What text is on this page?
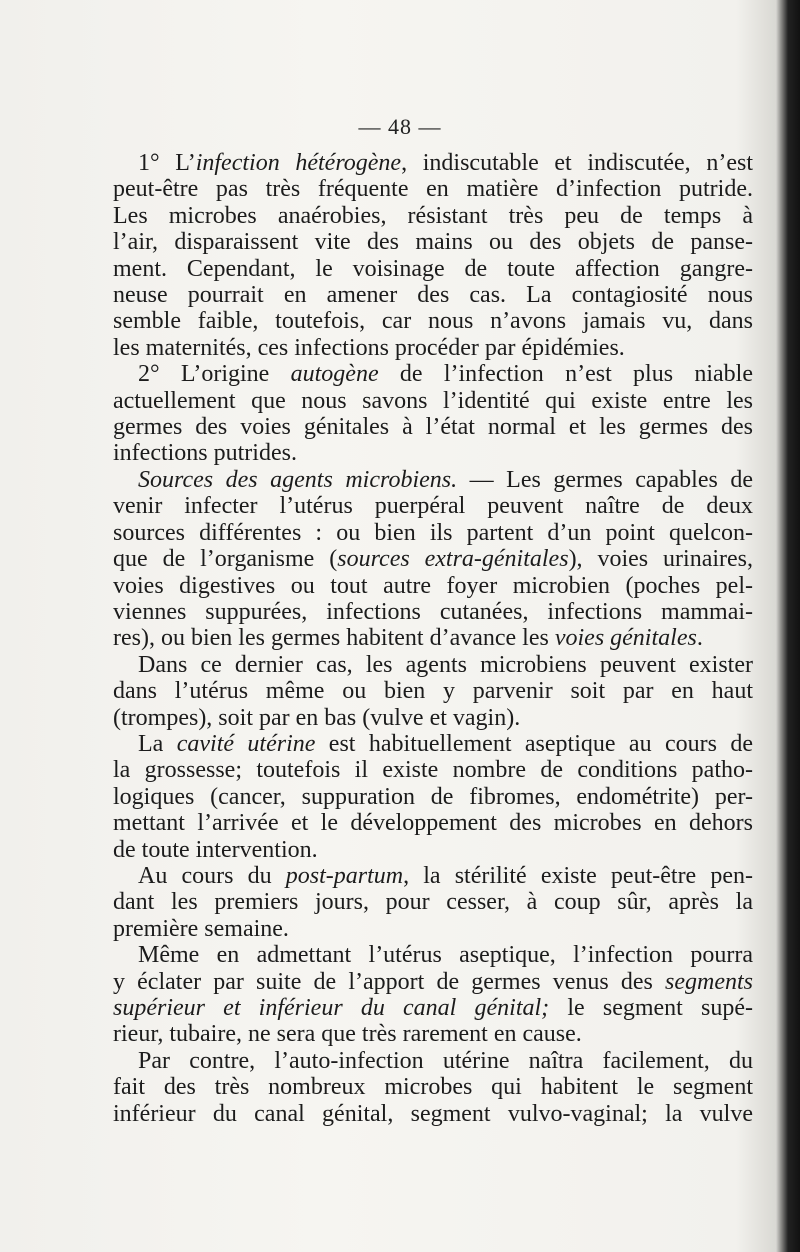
— 48 —

1° L’infection hétérogène, indiscutable et indiscutée, n’est
peut-être pas très fréquente en matière d’infection putride.
Les microbes anaérobies, résistant très peu de temps à
l’air, disparaissent vite des mains ou des objets de panse-
ment. Cependant, le voisinage de toute affection gangre-
neuse pourrait en amener des cas. La contagiosité nous
semble faible, toutefois, car nous n’avons jamais vu, dans
les maternités, ces infections procéder par épidémies.

2° L’origine autogène de l’infection n’est plus niable
actuellement que nous savons l’identité qui existe entre les
germes des voies génitales à l’état normal et les germes des
infections putrides.

Sources des agents microbiens. — Les germes capables de
venir infecter l’utérus puerpéral peuvent naître de deux
sources différentes : ou bien ils partent d’un point quelcon-
que de l’organisme (sources extra-génitales), voies urinaires,
voies digestives ou tout autre foyer microbien (poches pel-
viennes suppurées, infections cutanées, infections mammai-
res), ou bien les germes habitent d’avance les voies génitales.

Dans ce dernier cas, les agents microbiens peuvent exister
dans l’utérus même ou bien y parvenir soit par en haut
(trompes), soit par en bas (vulve et vagin).

La cavité utérine est habituellement aseptique au cours de
la grossesse; toutefois il existe nombre de conditions patho-
logiques (cancer, suppuration de fibromes, endométrite) per-
mettant l’arrivée et le développement des microbes en dehors
de toute intervention.

Au cours du post-partum, la stérilité existe peut-être pen-
dant les premiers jours, pour cesser, à coup sûr, après la
première semaine.

Même en admettant l’utérus aseptique, l’infection pourra
y éclater par suite de l’apport de germes venus des segments
supérieur et inférieur du canal génital; le segment supé-
rieur, tubaire, ne sera que très rarement en cause.

Par contre, l’auto-infection utérine naîtra facilement, du
fait des très nombreux microbes qui habitent le segment
inférieur du canal génital, segment vulvo-vaginal; la vulve
